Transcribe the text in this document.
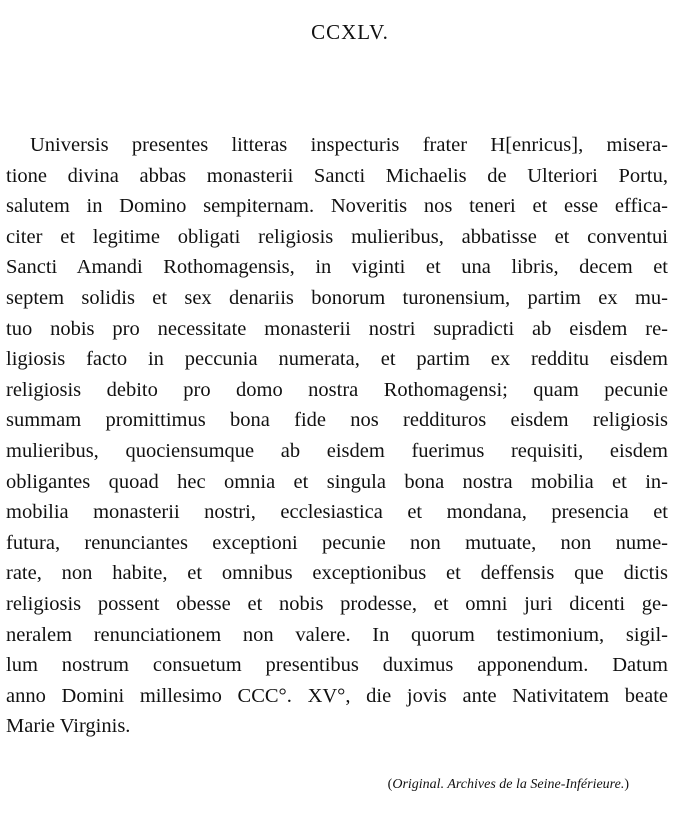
CCXLV.
Universis presentes litteras inspecturis frater H[enricus], misera-
tione divina abbas monasterii Sancti Michaelis de Ulteriori Portu,
salutem in Domino sempiternam. Noveritis nos teneri et esse effica-
citer et legitime obligati religiosis mulieribus, abbatisse et conventui
Sancti Amandi Rothomagensis, in viginti et una libris, decem et
septem solidis et sex denariis bonorum turonensium, partim ex mu-
tuo nobis pro necessitate monasterii nostri supradicti ab eisdem re-
ligiosis facto in peccunia numerata, et partim ex redditu eisdem
religiosis debito pro domo nostra Rothomagensi; quam pecunie
summam promittimus bona fide nos reddituros eisdem religiosis
mulieribus, quociensumque ab eisdem fuerimus requisiti, eisdem
obligantes quoad hec omnia et singula bona nostra mobilia et in-
mobilia monasterii nostri, ecclesiastica et mondana, presencia et
futura, renunciantes exceptioni pecunie non mutuate, non nume-
rate, non habite, et omnibus exceptionibus et deffensis que dictis
religiosis possent obesse et nobis prodesse, et omni juri dicenti ge-
neralem renunciationem non valere. In quorum testimonium, sigil-
lum nostrum consuetum presentibus duximus apponendum. Datum
anno Domini millesimo CCC°. XV°, die jovis ante Nativitatem beate
Marie Virginis.
(Original. Archives de la Seine-Inférieure.)
